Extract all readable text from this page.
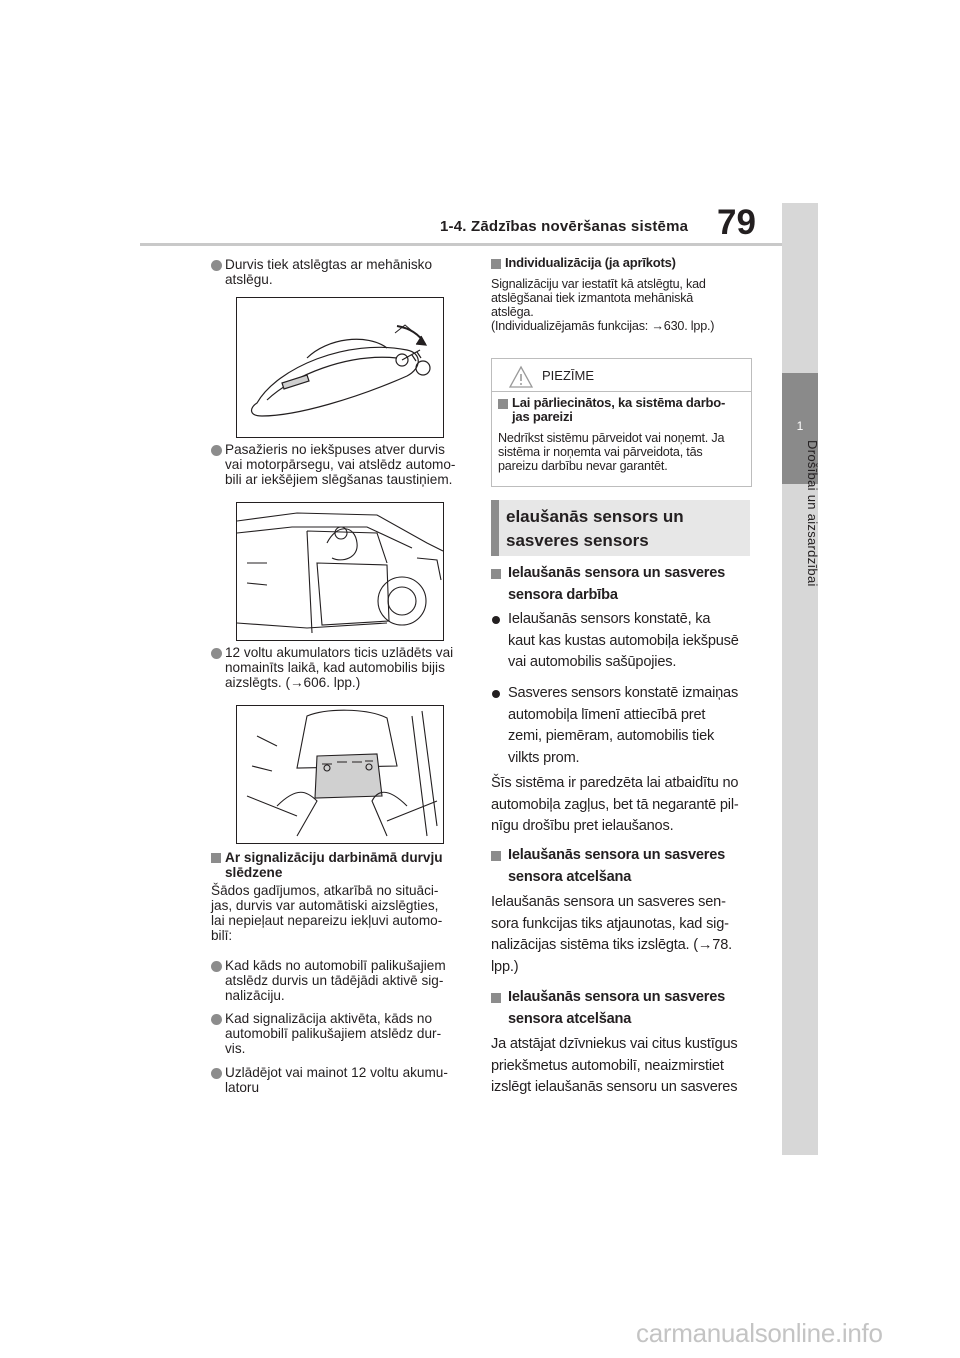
1-4. Zādzības novēršanas sistēma 79
1
Drošībai un aizsardzībai
Durvis tiek atslēgtas ar mehānisko
atslēgu.
Pasažieris no iekšpuses atver durvis
vai motorpārsegu, vai atslēdz automo-
bili ar iekšējiem slēgšanas taustiņiem.
12 voltu akumulators ticis uzlādēts vai
nomainīts laikā, kad automobilis bijis
aizslēgts. (→606. lpp.)
Ar signalizāciju darbināmā durvju
slēdzene
Šādos gadījumos, atkarībā no situāci-
jas, durvis var automātiski aizslēgties,
lai nepieļaut nepareizu iekļuvi automo-
bilī:
Kad kāds no automobilī palikušajiem
atslēdz durvis un tādējādi aktivē sig-
nalizāciju.
Kad signalizācija aktivēta, kāds no
automobilī palikušajiem atslēdz dur-
vis.
Uzlādējot vai mainot 12 voltu akumu-
latoru
Individualizācija (ja aprīkots)
Signalizāciju var iestatīt kā atslēgtu, kad
atslēgšanai tiek izmantota mehāniskā
atslēga.
(Individualizējamās funkcijas: →630. lpp.)
PIEZĪME
Lai pārliecinātos, ka sistēma darbo-
jas pareizi
Nedrīkst sistēmu pārveidot vai noņemt. Ja
sistēma ir noņemta vai pārveidota, tās
pareizu darbību nevar garantēt.
elaušanās sensors un
sasveres sensors
Ielaušanās sensora un sasveres
sensora darbība
Ielaušanās sensors konstatē, ka
kaut kas kustas automobiļa iekšpusē
vai automobilis sašūpojies.
Sasveres sensors konstatē izmaiņas
automobiļa līmenī attiecībā pret
zemi, piemēram, automobilis tiek
vilkts prom.
Šīs sistēma ir paredzēta lai atbaidītu no
automobiļa zagļus, bet tā negarantē pil-
nīgu drošību pret ielaušanos.
Ielaušanās sensora un sasveres
sensora atcelšana
Ielaušanās sensora un sasveres sen-
sora funkcijas tiks atjaunotas, kad sig-
nalizācijas sistēma tiks izslēgta. (→78.
lpp.)
Ielaušanās sensora un sasveres
sensora atcelšana
Ja atstājat dzīvniekus vai citus kustīgus
priekšmetus automobilī, neaizmirstiet
izslēgt ielaušanās sensoru un sasveres
carmanualsonline.info
